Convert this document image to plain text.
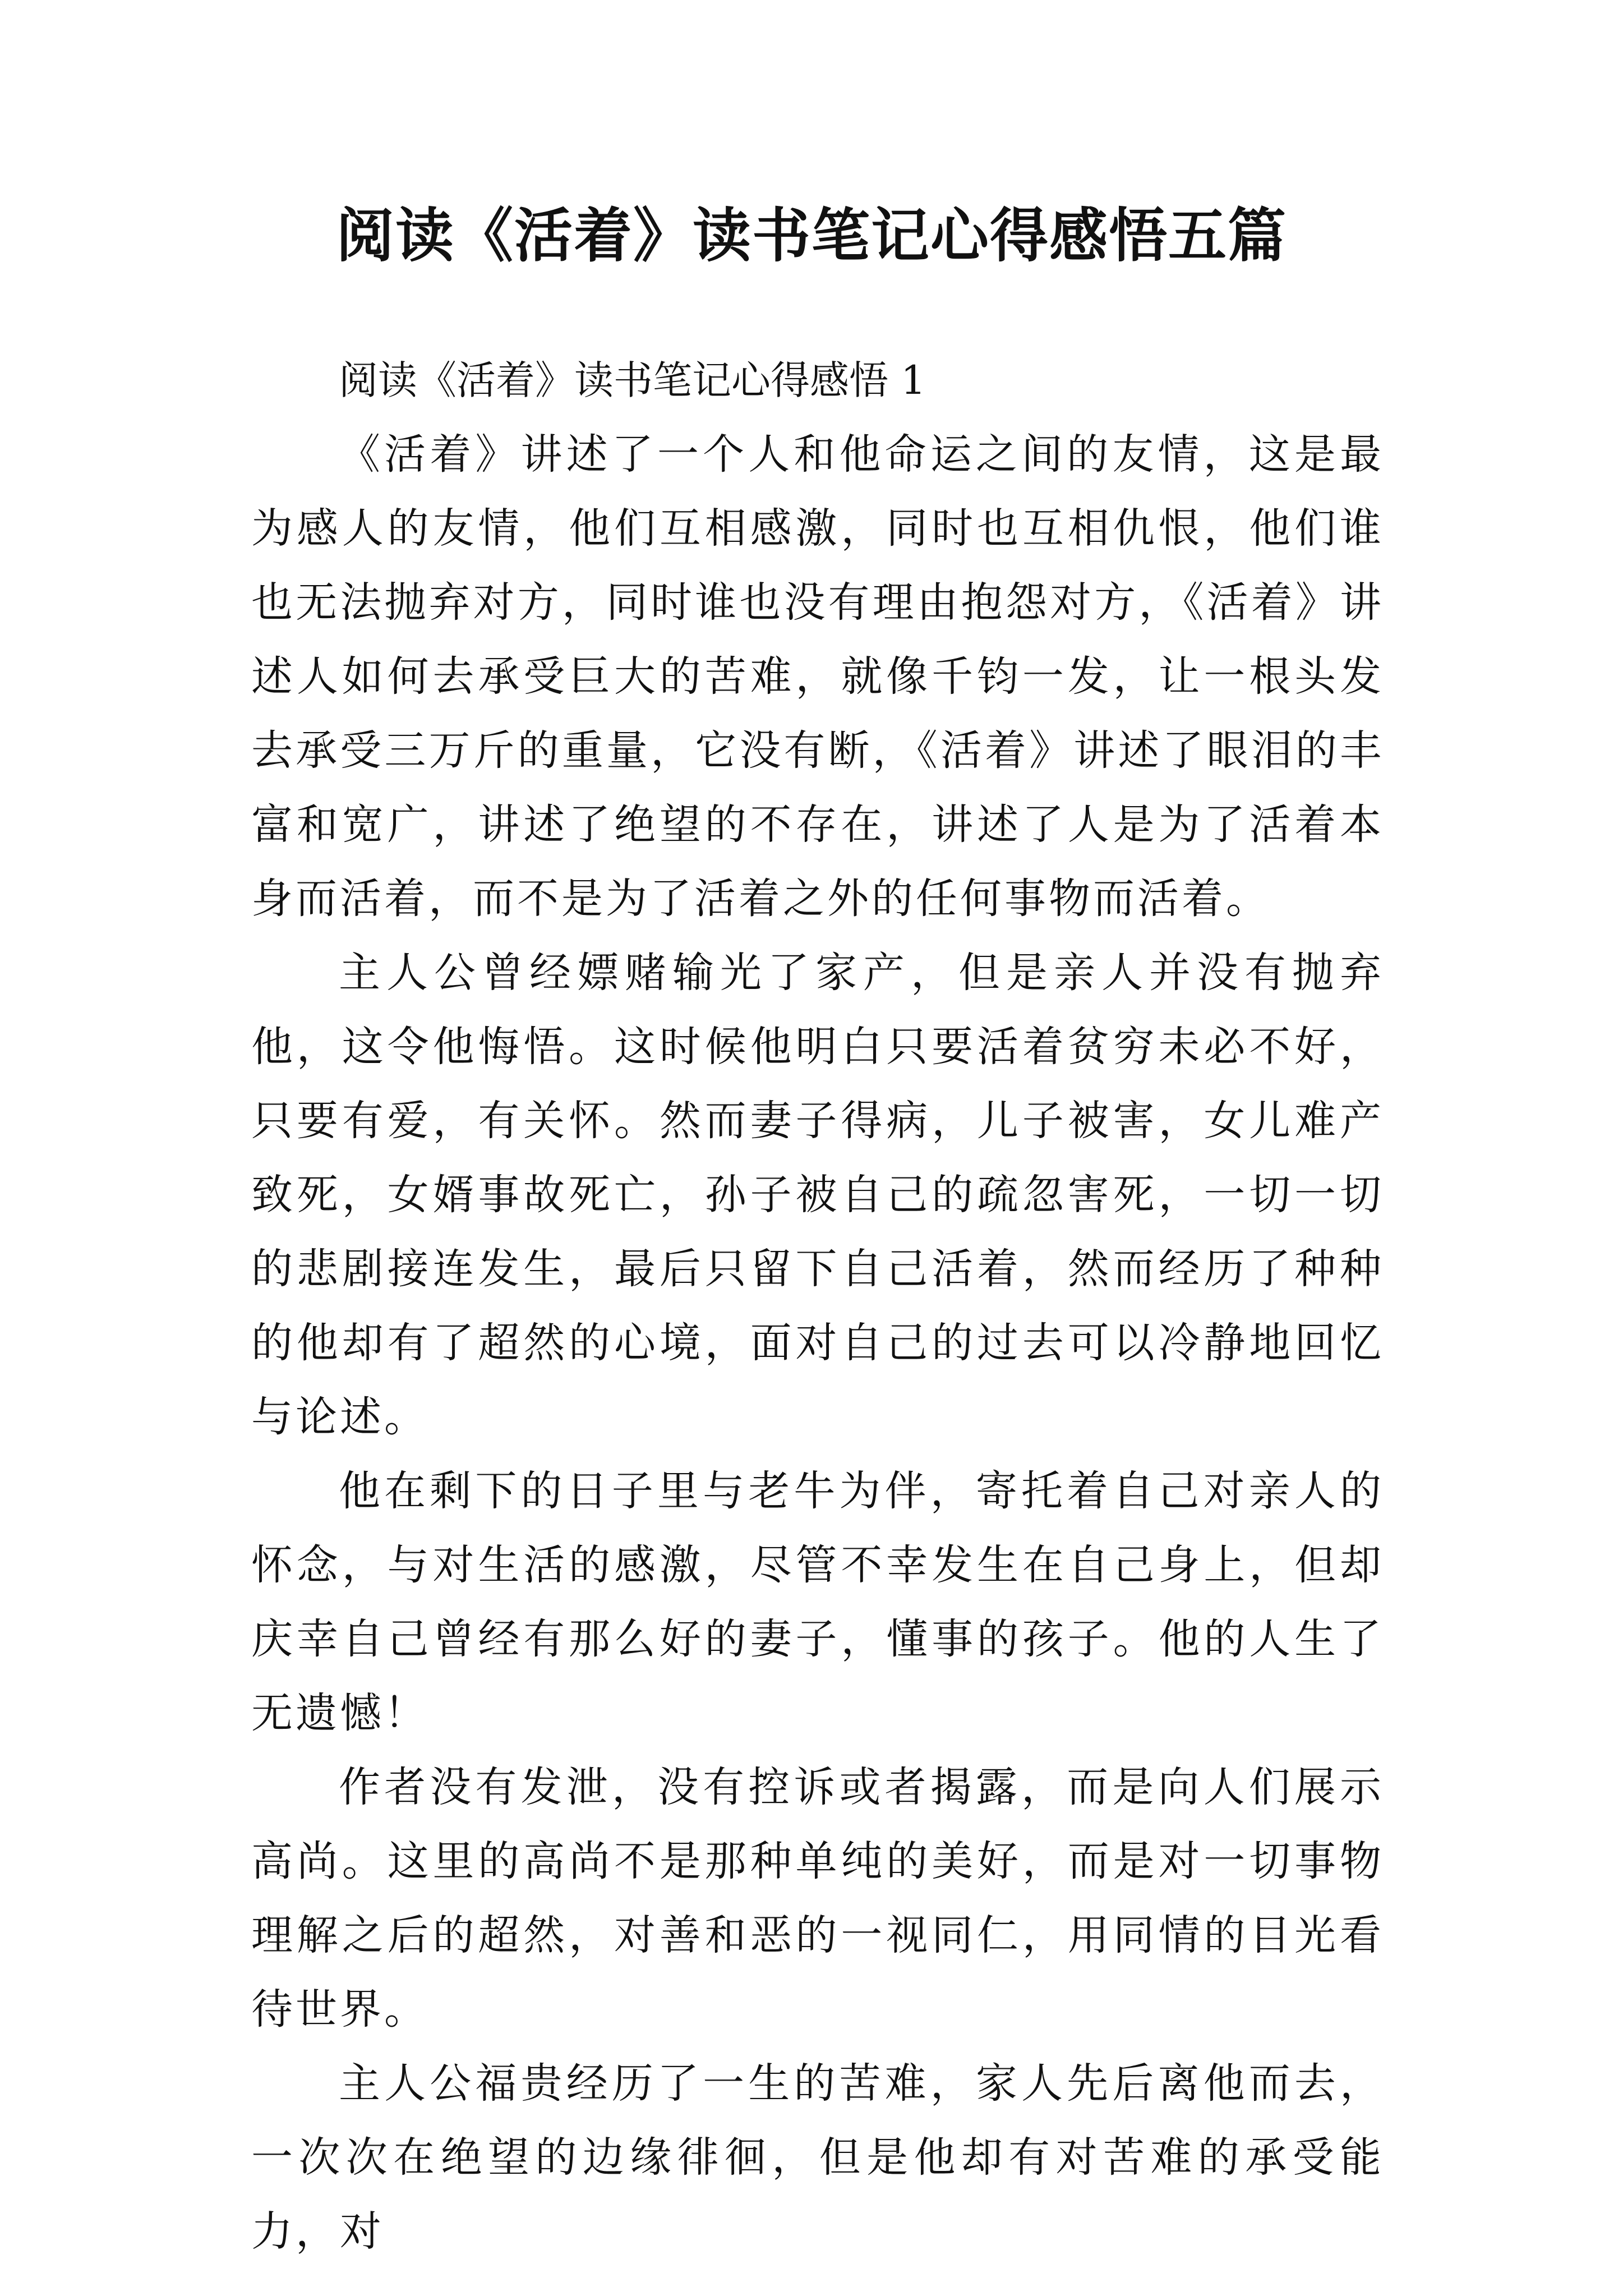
阅读《活着》读书笔记心得感悟五篇

阅读《活着》读书笔记心得感悟 1

《活着》讲述了一个人和他命运之间的友情，这是最为感人的友情，他们互相感激，同时也互相仇恨，他们谁也无法抛弃对方，同时谁也没有理由抱怨对方，《活着》讲述人如何去承受巨大的苦难，就像千钧一发，让一根头发去承受三万斤的重量，它没有断，《活着》讲述了眼泪的丰富和宽广，讲述了绝望的不存在，讲述了人是为了活着本身而活着，而不是为了活着之外的任何事物而活着。

主人公曾经嫖赌输光了家产，但是亲人并没有抛弃他，这令他悔悟。这时候他明白只要活着贫穷未必不好，只要有爱，有关怀。然而妻子得病，儿子被害，女儿难产致死，女婿事故死亡，孙子被自己的疏忽害死，一切一切的悲剧接连发生，最后只留下自己活着，然而经历了种种的他却有了超然的心境，面对自己的过去可以冷静地回忆与论述。

他在剩下的日子里与老牛为伴，寄托着自己对亲人的怀念，与对生活的感激，尽管不幸发生在自己身上，但却庆幸自己曾经有那么好的妻子，懂事的孩子。他的人生了无遗憾！

作者没有发泄，没有控诉或者揭露，而是向人们展示高尚。这里的高尚不是那种单纯的美好，而是对一切事物理解之后的超然，对善和恶的一视同仁，用同情的目光看待世界。

主人公福贵经历了一生的苦难，家人先后离他而去，一次次在绝望的边缘徘徊，但是他却有对苦难的承受能力，对
